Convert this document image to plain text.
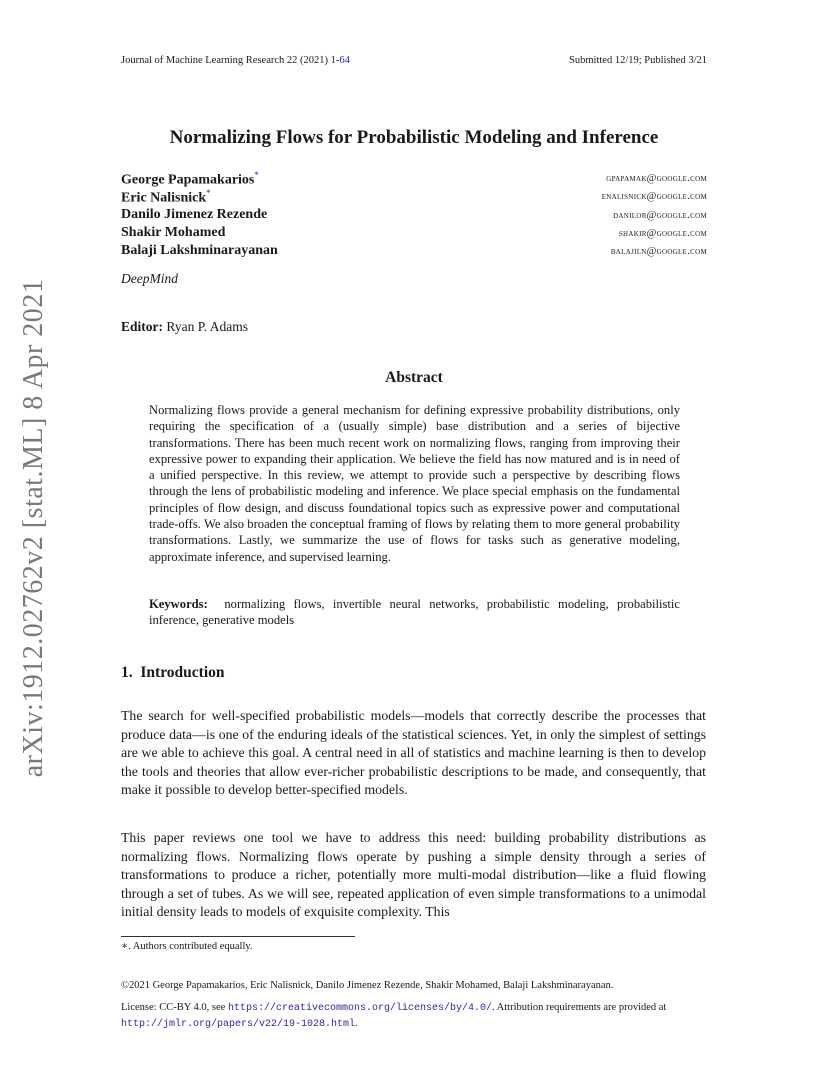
Journal of Machine Learning Research 22 (2021) 1-64	Submitted 12/19; Published 3/21
Normalizing Flows for Probabilistic Modeling and Inference
George Papamakarios*	gpapamak@google.com
Eric Nalisnick*	enalisnick@google.com
Danilo Jimenez Rezende	danilor@google.com
Shakir Mohamed	shakir@google.com
Balaji Lakshminarayanan	balajiln@google.com
DeepMind
Editor: Ryan P. Adams
Abstract
Normalizing flows provide a general mechanism for defining expressive probability distributions, only requiring the specification of a (usually simple) base distribution and a series of bijective transformations. There has been much recent work on normalizing flows, ranging from improving their expressive power to expanding their application. We believe the field has now matured and is in need of a unified perspective. In this review, we attempt to provide such a perspective by describing flows through the lens of probabilistic modeling and inference. We place special emphasis on the fundamental principles of flow design, and discuss foundational topics such as expressive power and computational trade-offs. We also broaden the conceptual framing of flows by relating them to more general probability transformations. Lastly, we summarize the use of flows for tasks such as generative modeling, approximate inference, and supervised learning.
Keywords: normalizing flows, invertible neural networks, probabilistic modeling, probabilistic inference, generative models
1. Introduction
The search for well-specified probabilistic models—models that correctly describe the processes that produce data—is one of the enduring ideals of the statistical sciences. Yet, in only the simplest of settings are we able to achieve this goal. A central need in all of statistics and machine learning is then to develop the tools and theories that allow ever-richer probabilistic descriptions to be made, and consequently, that make it possible to develop better-specified models.
This paper reviews one tool we have to address this need: building probability distributions as normalizing flows. Normalizing flows operate by pushing a simple density through a series of transformations to produce a richer, potentially more multi-modal distribution—like a fluid flowing through a set of tubes. As we will see, repeated application of even simple transformations to a unimodal initial density leads to models of exquisite complexity. This
∗. Authors contributed equally.
©2021 George Papamakarios, Eric Nalisnick, Danilo Jimenez Rezende, Shakir Mohamed, Balaji Lakshminarayanan.
License: CC-BY 4.0, see https://creativecommons.org/licenses/by/4.0/. Attribution requirements are provided at http://jmlr.org/papers/v22/19-1028.html.
arXiv:1912.02762v2 [stat.ML] 8 Apr 2021
